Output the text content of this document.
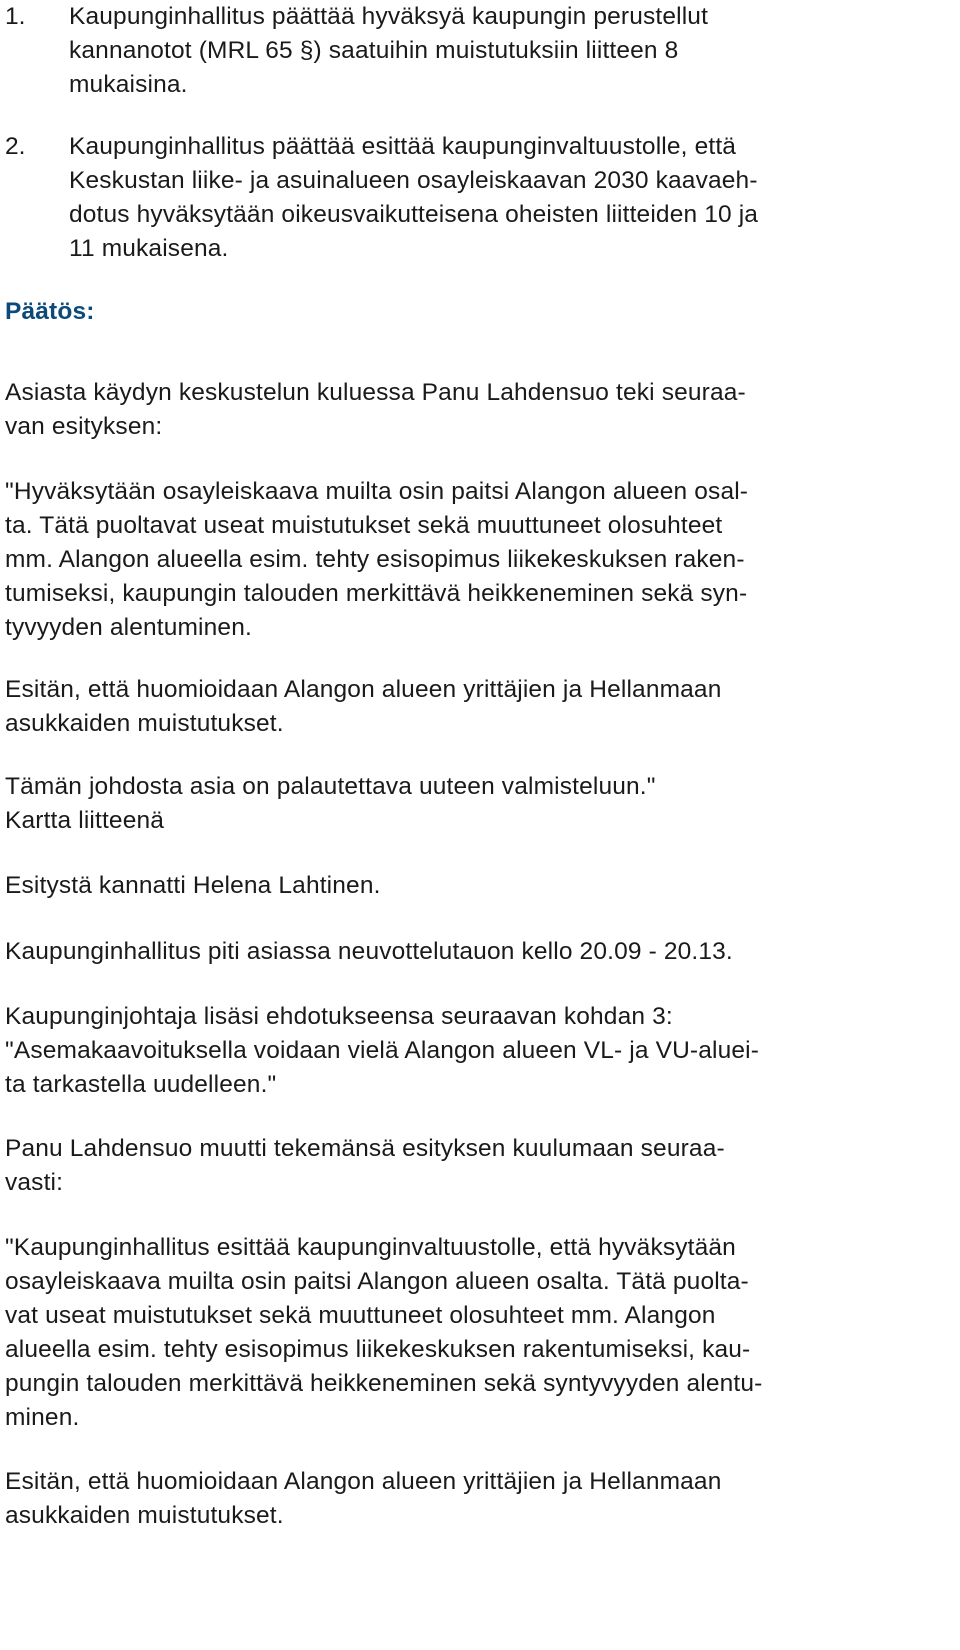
1. Kaupunginhallitus päättää hyväksyä kaupungin perustellut
kannanotot (MRL 65 §) saatuihin muistutuksiin liitteen 8
mukaisina.
2. Kaupunginhallitus päättää esittää kaupunginvaltuustolle, että
Keskustan liike- ja asuinalueen osayleiskaavan 2030 kaavaeh-
dotus hyväksytään oikeusvaikutteisena oheisten liitteiden 10 ja
11 mukaisena.
Päätös:
Asiasta käydyn keskustelun kuluessa Panu Lahdensuo teki seuraa-
van esityksen:
"Hyväksytään osayleiskaava muilta osin paitsi Alangon alueen osal-
ta. Tätä puoltavat useat muistutukset sekä muuttuneet olosuhteet
mm. Alangon alueella esim. tehty esisopimus liikekeskuksen raken-
tumiseksi, kaupungin talouden merkittävä heikkeneminen sekä syn-
tyvyyden alentuminen.
Esitän, että huomioidaan Alangon alueen yrittäjien ja Hellanmaan
asukkaiden muistutukset.
Tämän johdosta asia on palautettava uuteen valmisteluun."
Kartta liitteenä
Esitystä kannatti Helena Lahtinen.
Kaupunginhallitus piti asiassa neuvottelutauon kello 20.09 - 20.13.
Kaupunginjohtaja lisäsi ehdotukseensa seuraavan kohdan 3:
"Asemakaavoituksella voidaan vielä Alangon alueen VL- ja VU-aluei-
ta tarkastella uudelleen."
Panu Lahdensuo muutti tekemänsä esityksen kuulumaan seuraa-
vasti:
"Kaupunginhallitus esittää kaupunginvaltuustolle, että hyväksytään
osayleiskaava muilta osin paitsi Alangon alueen osalta. Tätä puolta-
vat useat muistutukset sekä muuttuneet olosuhteet mm. Alangon
alueella esim. tehty esisopimus liikekeskuksen rakentumiseksi, kau-
pungin talouden merkittävä heikkeneminen sekä syntyvyyden alentu-
minen.
Esitän, että huomioidaan Alangon alueen yrittäjien ja Hellanmaan
asukkaiden muistutukset.
